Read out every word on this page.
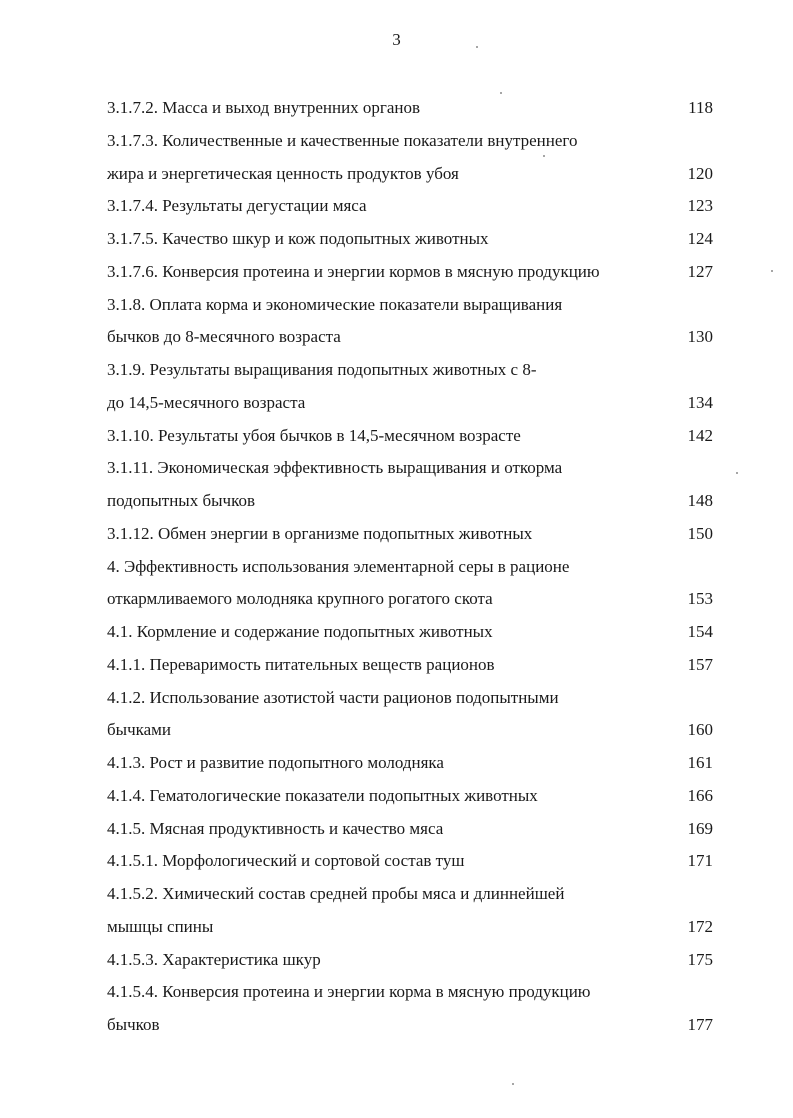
3
3.1.7.2. Масса и выход внутренних органов	118
3.1.7.3. Количественные и качественные показатели внутреннего
жира и энергетическая ценность продуктов убоя	120
3.1.7.4. Результаты дегустации мяса	123
3.1.7.5. Качество шкур и кож подопытных животных	124
3.1.7.6. Конверсия протеина и энергии кормов в мясную продукцию	127
3.1.8. Оплата корма и экономические показатели выращивания
бычков до 8-месячного возраста	130
3.1.9. Результаты выращивания подопытных животных с 8-
до 14,5-месячного возраста	134
3.1.10. Результаты убоя бычков в 14,5-месячном возрасте	142
3.1.11. Экономическая эффективность выращивания и откорма
подопытных бычков	148
3.1.12. Обмен энергии в организме подопытных животных	150
4. Эффективность использования элементарной серы в рационе
откармливаемого молодняка крупного рогатого скота	153
4.1. Кормление и содержание подопытных животных	154
4.1.1. Переваримость питательных веществ рационов	157
4.1.2. Использование азотистой части рационов подопытными
бычками	160
4.1.3. Рост и развитие подопытного молодняка	161
4.1.4. Гематологические показатели подопытных животных	166
4.1.5. Мясная продуктивность и качество мяса	169
4.1.5.1. Морфологический и сортовой состав туш	171
4.1.5.2. Химический состав средней пробы мяса и длиннейшей
мышцы спины	172
4.1.5.3. Характеристика шкур	175
4.1.5.4. Конверсия протеина и энергии корма в мясную продукцию
бычков	177
